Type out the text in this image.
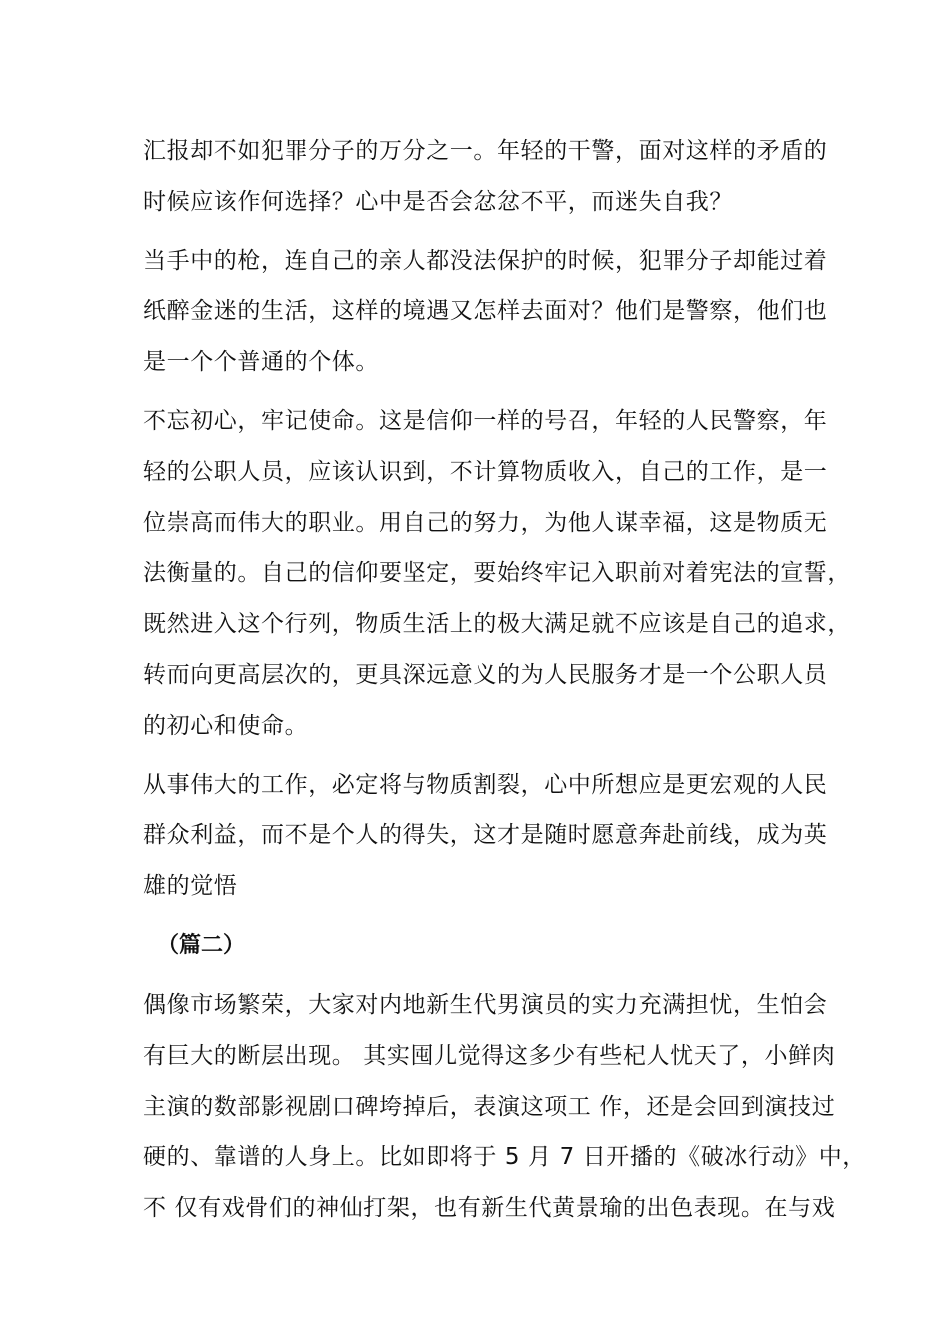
汇报却不如犯罪分子的万分之一。年轻的干警，面对这样的矛盾的
时候应该作何选择？心中是否会忿忿不平，而迷失自我？
当手中的枪，连自己的亲人都没法保护的时候，犯罪分子却能过着
纸醉金迷的生活，这样的境遇又怎样去面对？他们是警察，他们也
是一个个普通的个体。
不忘初心，牢记使命。这是信仰一样的号召，年轻的人民警察，年
轻的公职人员，应该认识到，不计算物质收入，自己的工作，是一
位崇高而伟大的职业。用自己的努力，为他人谋幸福，这是物质无
法衡量的。自己的信仰要坚定，要始终牢记入职前对着宪法的宣誓，
既然进入这个行列，物质生活上的极大满足就不应该是自己的追求，
转而向更高层次的，更具深远意义的为人民服务才是一个公职人员
的初心和使命。
从事伟大的工作，必定将与物质割裂，心中所想应是更宏观的人民
群众利益，而不是个人的得失，这才是随时愿意奔赴前线，成为英
雄的觉悟
（篇二）
偶像市场繁荣，大家对内地新生代男演员的实力充满担忧，生怕会
有巨大的断层出现。 其实囤儿觉得这多少有些杞人忧天了，小鲜肉
主演的数部影视剧口碑垮掉后，表演这项工 作，还是会回到演技过
硬的、靠谱的人身上。比如即将于 5 月 7 日开播的《破冰行动》中，
不 仅有戏骨们的神仙打架，也有新生代黄景瑜的出色表现。在与戏
